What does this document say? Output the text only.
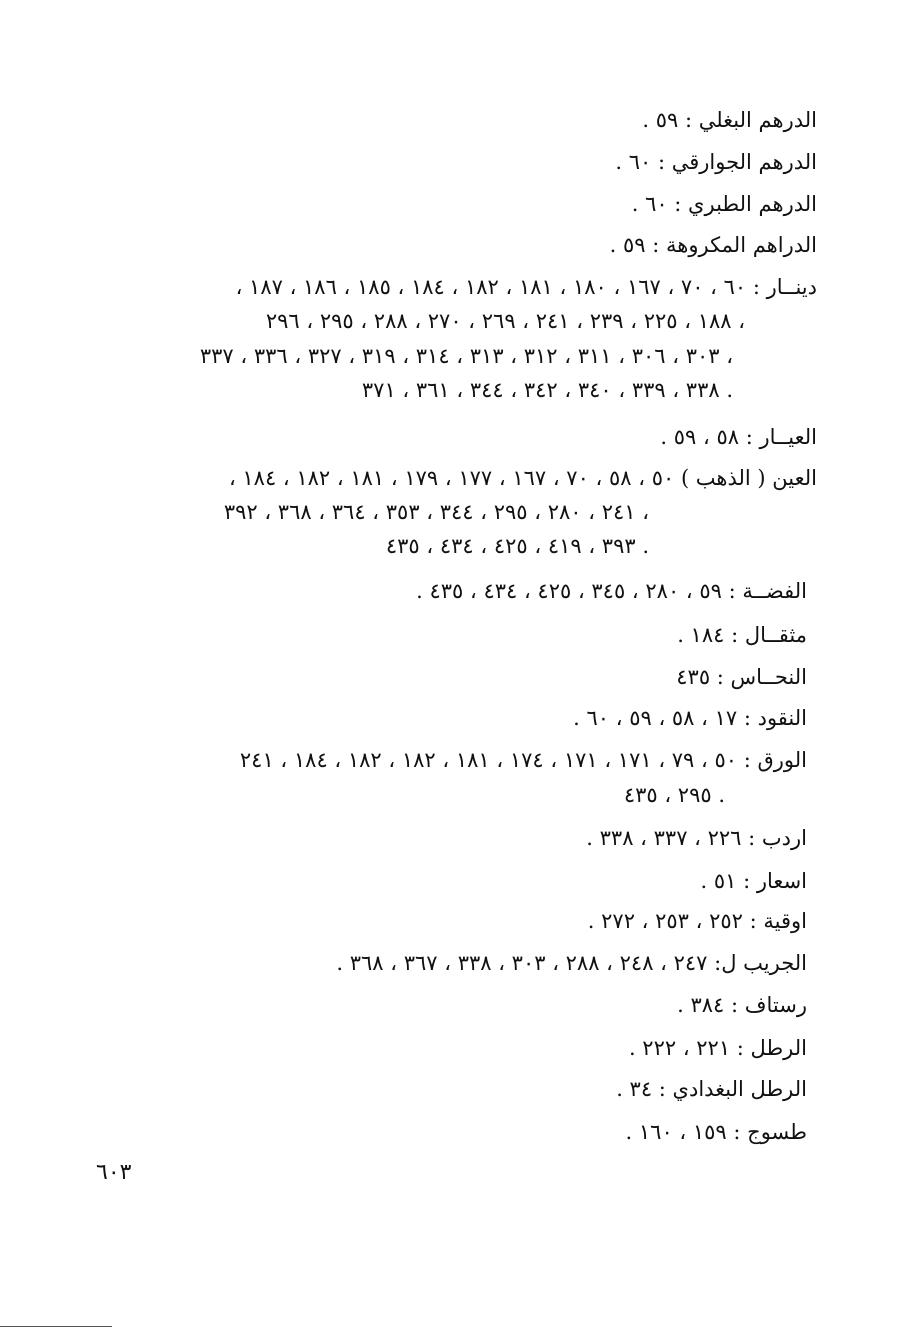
الدرهم البغلي : ٥٩ .
الدرهم الجوارقي : ٦٠ .
الدرهم الطبري : ٦٠ .
الدراهم المكروهة : ٥٩ .
دينــار : ٦٠ ، ٧٠ ، ١٦٧ ، ١٨٠ ، ١٨١ ، ١٨٢ ، ١٨٤ ، ١٨٥ ، ١٨٦ ، ١٨٧ ،
١٨٨ ، ٢٢٥ ، ٢٣٩ ، ٢٤١ ، ٢٦٩ ، ٢٧٠ ، ٢٨٨ ، ٢٩٥ ، ٢٩٦ ،
٣٠٣ ، ٣٠٦ ، ٣١١ ، ٣١٢ ، ٣١٣ ، ٣١٤ ، ٣١٩ ، ٣٢٧ ، ٣٣٦ ، ٣٣٧ ،
٣٣٨ ، ٣٣٩ ، ٣٤٠ ، ٣٤٢ ، ٣٤٤ ، ٣٦١ ، ٣٧١ .
العيــار : ٥٨ ، ٥٩ .
العين ( الذهب ) ٥٠ ، ٥٨ ، ٧٠ ، ١٦٧ ، ١٧٧ ، ١٧٩ ، ١٨١ ، ١٨٢ ، ١٨٤ ،
٢٤١ ، ٢٨٠ ، ٢٩٥ ، ٣٤٤ ، ٣٥٣ ، ٣٦٤ ، ٣٦٨ ، ٣٩٢ ،
٣٩٣ ، ٤١٩ ، ٤٢٥ ، ٤٣٤ ، ٤٣٥ .
الفضــة : ٥٩ ، ٢٨٠ ، ٣٤٥ ، ٤٢٥ ، ٤٣٤ ، ٤٣٥ .
مثقــال : ١٨٤ .
النحــاس : ٤٣٥
النقود : ١٧ ، ٥٨ ، ٥٩ ، ٦٠ .
الورق : ٥٠ ، ٧٩ ، ١٧١ ، ١٧١ ، ١٧٤ ، ١٨١ ، ١٨٢ ، ١٨٢ ، ١٨٤ ، ٢٤١
٢٩٥ ، ٤٣٥ .
اردب : ٢٢٦ ، ٣٣٧ ، ٣٣٨ .
اسعار : ٥١ .
اوقية : ٢٥٢ ، ٢٥٣ ، ٢٧٢ .
الجريب ل: ٢٤٧ ، ٢٤٨ ، ٢٨٨ ، ٣٠٣ ، ٣٣٨ ، ٣٦٧ ، ٣٦٨ .
رستاف : ٣٨٤ .
الرطل : ٢٢١ ، ٢٢٢ .
الرطل البغدادي : ٣٤ .
طسوج : ١٥٩ ، ١٦٠ .
٦٠٣
